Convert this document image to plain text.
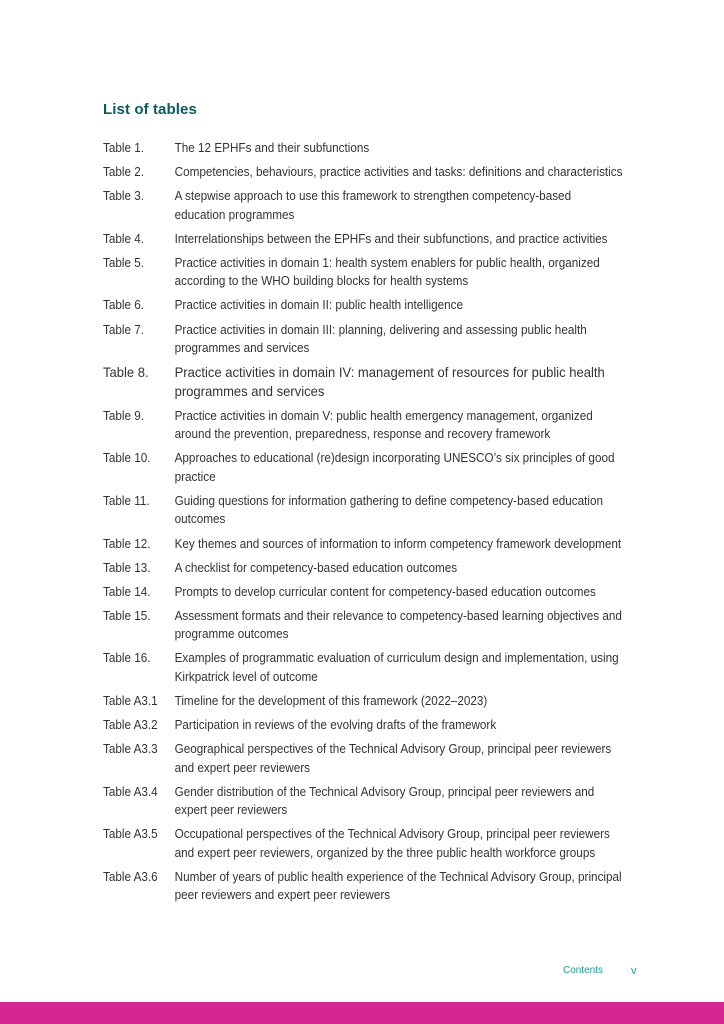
List of tables
Table 1.	The 12 EPHFs and their subfunctions
Table 2.	Competencies, behaviours, practice activities and tasks: definitions and characteristics
Table 3.	A stepwise approach to use this framework to strengthen competency-based education programmes
Table 4.	Interrelationships between the EPHFs and their subfunctions, and practice activities
Table 5.	Practice activities in domain 1: health system enablers for public health, organized according to the WHO building blocks for health systems
Table 6.	Practice activities in domain II: public health intelligence
Table 7.	Practice activities in domain III: planning, delivering and assessing public health programmes and services
Table 8.	Practice activities in domain IV: management of resources for public health programmes and services
Table 9.	Practice activities in domain V: public health emergency management, organized around the prevention, preparedness, response and recovery framework
Table 10.	Approaches to educational (re)design incorporating UNESCO’s six principles of good practice
Table 11.	Guiding questions for information gathering to define competency-based education outcomes
Table 12.	Key themes and sources of information to inform competency framework development
Table 13.	A checklist for competency-based education outcomes
Table 14.	Prompts to develop curricular content for competency-based education outcomes
Table 15.	Assessment formats and their relevance to competency-based learning objectives and programme outcomes
Table 16.	Examples of programmatic evaluation of curriculum design and implementation, using Kirkpatrick level of outcome
Table A3.1	Timeline for the development of this framework (2022–2023)
Table A3.2	Participation in reviews of the evolving drafts of the framework
Table A3.3	Geographical perspectives of the Technical Advisory Group, principal peer reviewers and expert peer reviewers
Table A3.4	Gender distribution of the Technical Advisory Group, principal peer reviewers and expert peer reviewers
Table A3.5	Occupational perspectives of the Technical Advisory Group, principal peer reviewers and expert peer reviewers, organized by the three public health workforce groups
Table A3.6	Number of years of public health experience of the Technical Advisory Group, principal peer reviewers and expert peer reviewers
Contents	v
